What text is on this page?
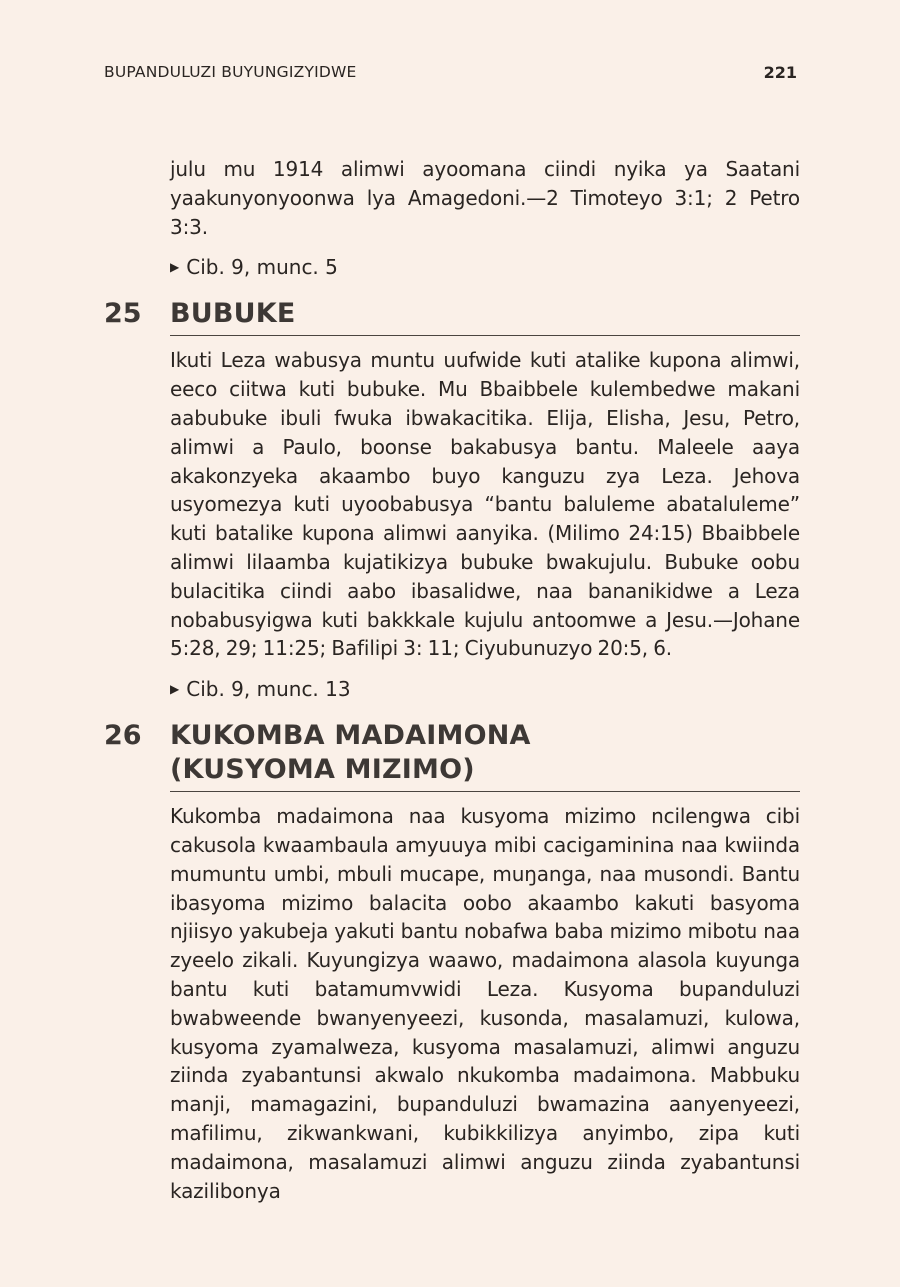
BUPANDULUZI BUYUNGIZYIDWE	221

julu mu 1914 alimwi ayoomana ciindi nyika ya Saatani yaakunyonyoonwa lya Amagedoni.—2 Timoteyo 3:1; 2 Petro 3:3.

▶ Cib. 9, munc. 5
25 BUBUKE

Ikuti Leza wabusya muntu uufwide kuti atalike kupona alimwi, eeco ciitwa kuti bubuke. Mu Bbaibbele kulembedwe makani aabubuke ibuli fwuka ibwakacitika. Elija, Elisha, Jesu, Petro, alimwi a Paulo, boonse bakabusya bantu. Maleele aaya akakonzyeka akaambo buyo kanguzu zya Leza. Jehova usyomezya kuti uyoobabusya “bantu baluleme abataluleme” kuti batalike kupona alimwi aanyika. (Milimo 24:15) Bbaibbele alimwi lilaamba kujatikizya bubuke bwakujulu. Bubuke oobu bulacitika ciindi aabo ibasalidwe, naa bananikidwe a Leza nobabusyigwa kuti bakkkale kujulu antoomwe a Jesu.—Johane 5:28, 29; 11:25; Bafilipi 3: 11; Ciyubunuzyo 20:5, 6.

▶ Cib. 9, munc. 13
26 KUKOMBA MADAIMONA
(KUSYOMA MIZIMO)

Kukomba madaimona naa kusyoma mizimo ncilengwa cibi cakusola kwaambaula amyuuya mibi cacigaminina naa kwiinda mumuntu umbi, mbuli mucape, muŋanga, naa musondi. Bantu ibasyoma mizimo balacita oobo akaambo kakuti basyoma njiisyo yakubeja yakuti bantu nobafwa baba mizimo mibotu naa zyeelo zikali. Kuyungizya waawo, madaimona alasola kuyunga bantu kuti batamumvwidi Leza. Kusyoma bupanduluzi bwabweende bwanyenyeezi, kusonda, masalamuzi, kulowa, kusyoma zyamalweza, kusyoma masalamuzi, alimwi anguzu ziinda zyabantunsi akwalo nkukomba madaimona. Mabbuku manji, mamagazini, bupanduluzi bwamazina aanyenyeezi, mafilimu, zikwankwani, kubikkilizya anyimbo, zipa kuti madaimona, masalamuzi alimwi anguzu ziinda zyabantunsi kazilibonya
